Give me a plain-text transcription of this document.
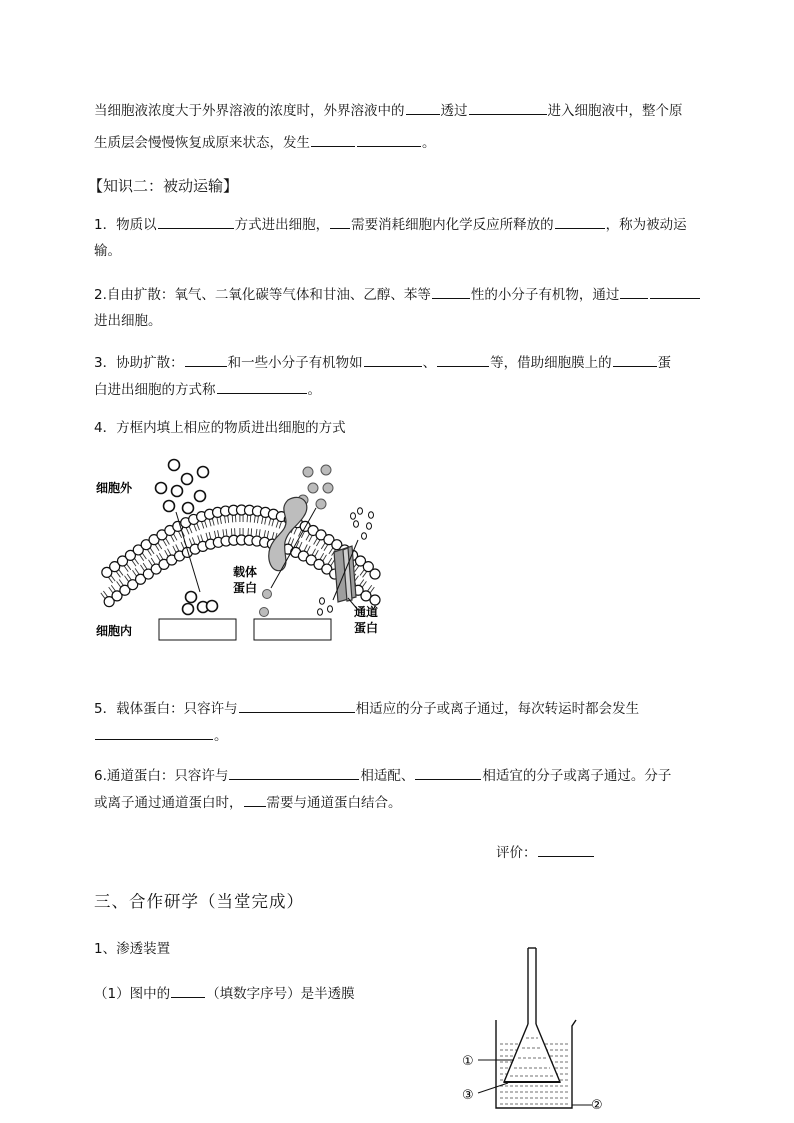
当细胞液浓度大于外界溶液的浓度时，外界溶液中的	透过	进入细胞液中，整个原
生质层会慢慢恢复成原来状态，发生	。
【知识二：被动运输】
1．物质以	方式进出细胞， 需要消耗细胞内化学反应所释放的	，称为被动运
输。
2.自由扩散：氧气、二氧化碳等气体和甘油、乙醇、苯等	性的小分子有机物，通过
进出细胞。
3．协助扩散：	和一些小分子有机物如	、	等，借助细胞膜上的	蛋
白进出细胞的方式称	。
4．方框内填上相应的物质进出细胞的方式
细胞外
细胞内
载体
蛋白
通道
蛋白
5．载体蛋白：只容许与	相适应的分子或离子通过，每次转运时都会发生
。
6.通道蛋白：只容许与	相适配、	相适宜的分子或离子通过。分子
或离子通过通道蛋白时， 需要与通道蛋白结合。
评价：
三、合作研学（当堂完成）
1、渗透装置
（1）图中的	（填数字序号）是半透膜
①
③
②
